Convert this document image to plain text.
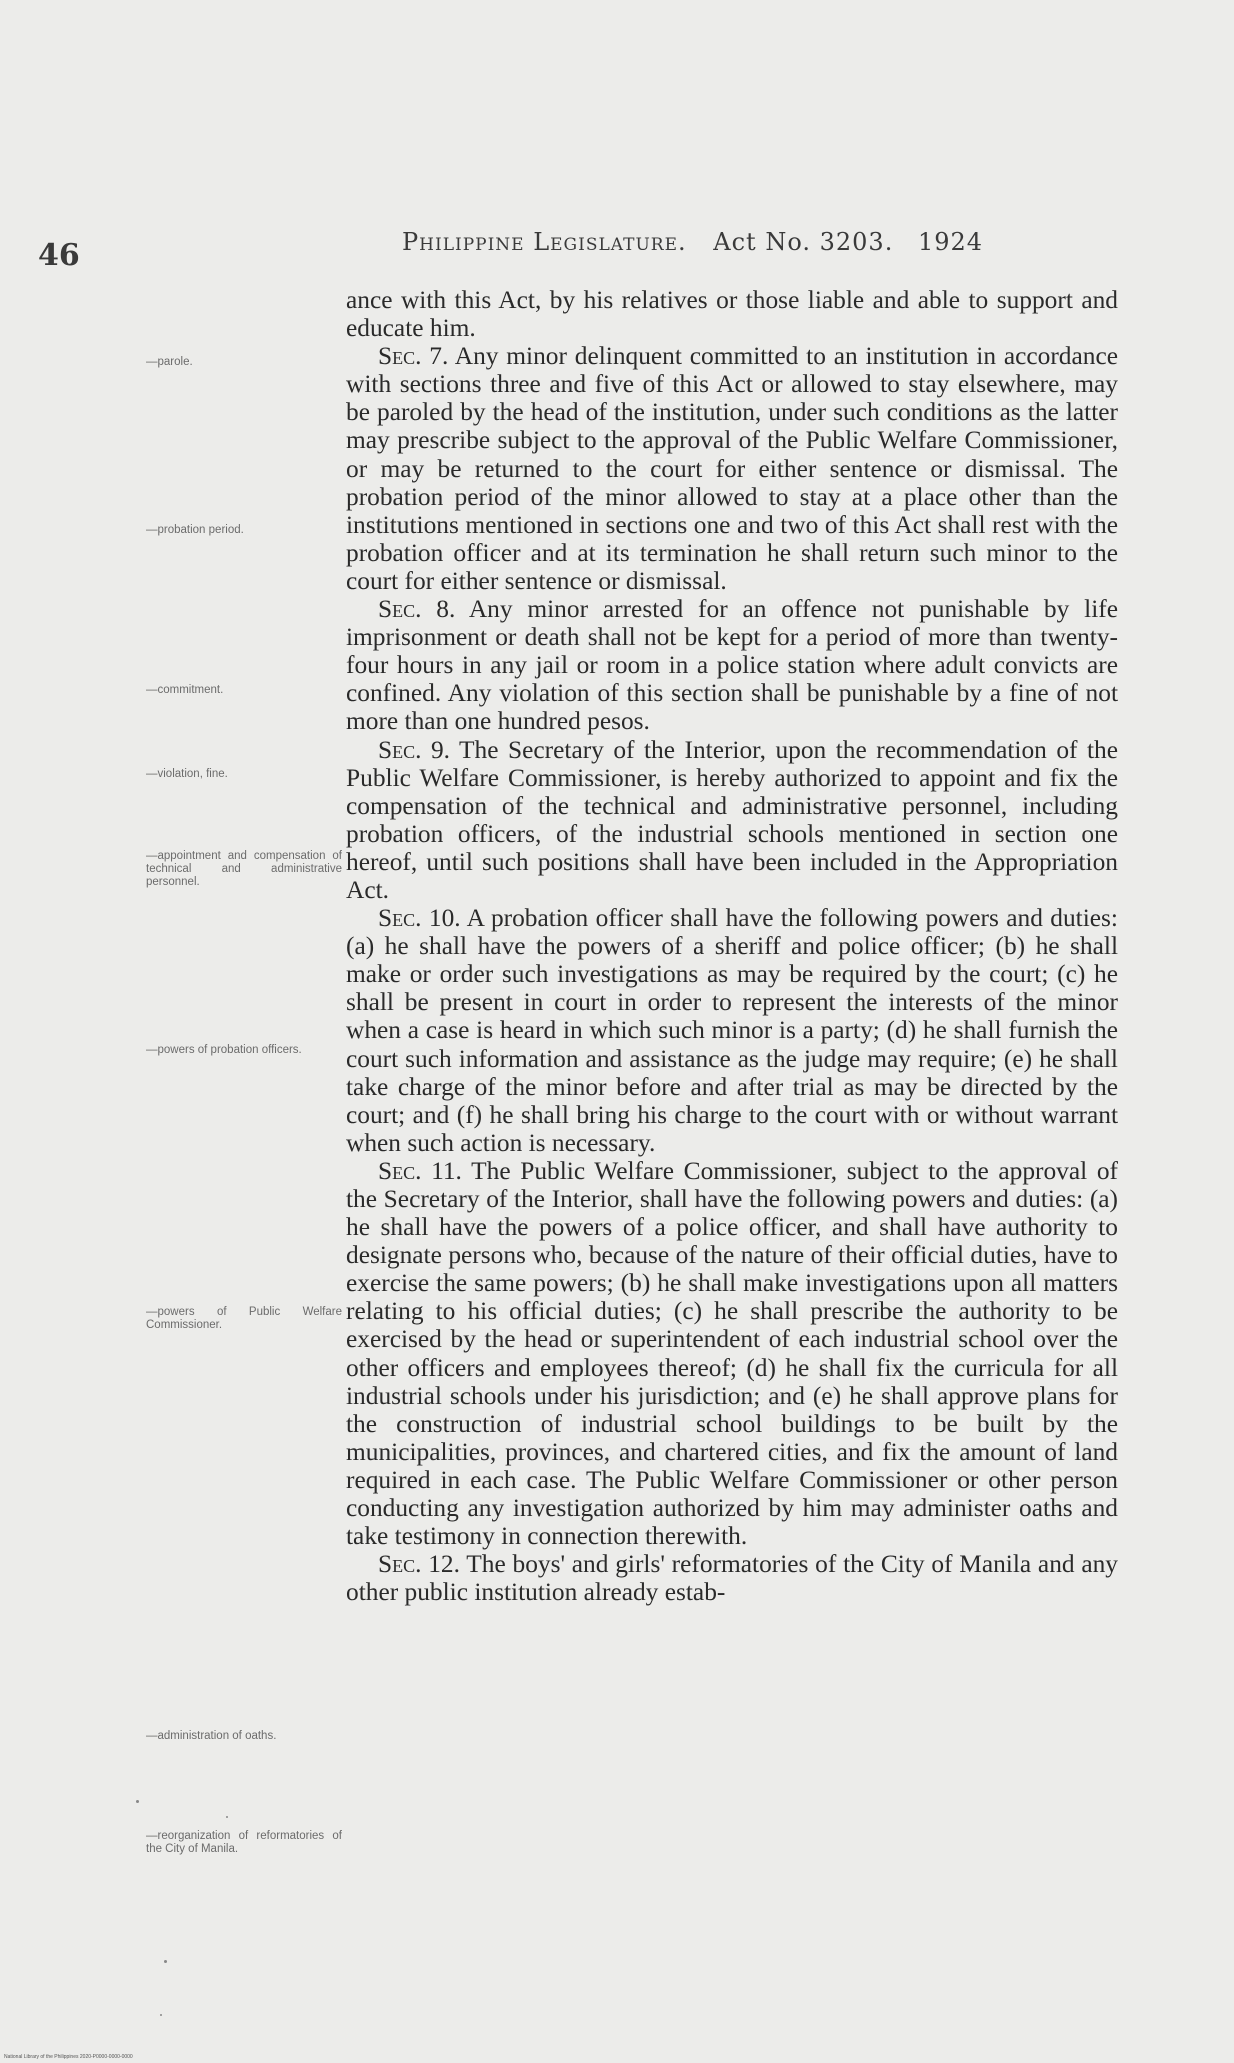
46	Philippine Legislature. Act No. 3203. 1924

ance with this Act, by his relatives or those liable and able to support and educate him.

Sec. 7. Any minor delinquent committed to an institution in accordance with sections three and five of this Act or allowed to stay elsewhere, may be paroled by the head of the institution, under such conditions as the latter may prescribe subject to the approval of the Public Welfare Commissioner, or may be returned to the court for either sentence or dismissal. The probation period of the minor allowed to stay at a place other than the institutions mentioned in sections one and two of this Act shall rest with the probation officer and at its termination he shall return such minor to the court for either sentence or dismissal.

Sec. 8. Any minor arrested for an offence not punishable by life imprisonment or death shall not be kept for a period of more than twenty-four hours in any jail or room in a police station where adult convicts are confined. Any violation of this section shall be punishable by a fine of not more than one hundred pesos.

Sec. 9. The Secretary of the Interior, upon the recommendation of the Public Welfare Commissioner, is hereby authorized to appoint and fix the compensation of the technical and administrative personnel, including probation officers, of the industrial schools mentioned in section one hereof, until such positions shall have been included in the Appropriation Act.

Sec. 10. A probation officer shall have the following powers and duties: (a) he shall have the powers of a sheriff and police officer; (b) he shall make or order such investigations as may be required by the court; (c) he shall be present in court in order to represent the interests of the minor when a case is heard in which such minor is a party; (d) he shall furnish the court such information and assistance as the judge may require; (e) he shall take charge of the minor before and after trial as may be directed by the court; and (f) he shall bring his charge to the court with or without warrant when such action is necessary.

Sec. 11. The Public Welfare Commissioner, subject to the approval of the Secretary of the Interior, shall have the following powers and duties: (a) he shall have the powers of a police officer, and shall have authority to designate persons who, because of the nature of their official duties, have to exercise the same powers; (b) he shall make investigations upon all matters relating to his official duties; (c) he shall prescribe the authority to be exercised by the head or superintendent of each industrial school over the other officers and employees thereof; (d) he shall fix the curricula for all industrial schools under his jurisdiction; and (e) he shall approve plans for the construction of industrial school buildings to be built by the municipalities, provinces, and chartered cities, and fix the amount of land required in each case. The Public Welfare Commissioner or other person conducting any investigation authorized by him may administer oaths and take testimony in connection therewith.

Sec. 12. The boys' and girls' reformatories of the City of Manila and any other public institution already estab-

—parole.
—probation period.
—commitment.
—violation, fine.
—appointment and compensation of technical and administrative personnel.
—powers of probation officers.
—powers of Public Welfare Commissioner.
—administration of oaths.
—reorganization of reformatories of the City of Manila.
National Library of the Philippines 2020-P0000-0000-0000
